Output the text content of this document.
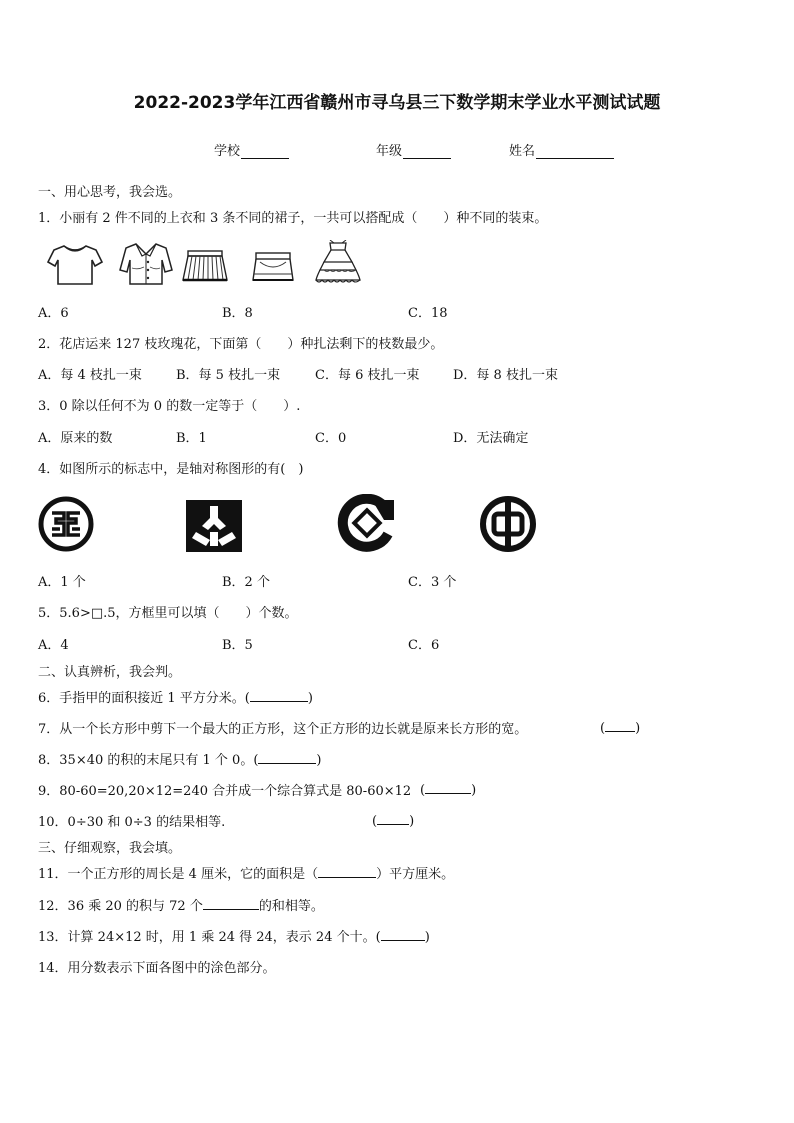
2022-2023学年江西省赣州市寻乌县三下数学期末学业水平测试试题
学校	年级	姓名
一、用心思考，我会选。
1．小丽有 2 件不同的上衣和 3 条不同的裙子，一共可以搭配成（　　）种不同的装束。
A．6	B．8	C．18
2．花店运来 127 枝玫瑰花，下面第（　　）种扎法剩下的枝数最少。
A．每 4 枝扎一束	B．每 5 枝扎一束	C．每 6 枝扎一束	D．每 8 枝扎一束
3．0 除以任何不为 0 的数一定等于（　　）.
A．原来的数	B．1	C．0	D．无法确定
4．如图所示的标志中，是轴对称图形的有(　)
A．1 个	B．2 个	C．3 个
5．5.6>□.5，方框里可以填（　　）个数。
A．4	B．5	C．6
二、认真辨析，我会判。
6．手指甲的面积接近 1 平方分米。(	)
7．从一个长方形中剪下一个最大的正方形，这个正方形的边长就是原来长方形的宽。	( )
8．35×40 的积的末尾只有 1 个 0。(	)
9．80-60=20,20×12=240 合并成一个综合算式是 80-60×12 (	)
10．0÷30 和 0÷3 的结果相等.	( )
三、仔细观察，我会填。
11．一个正方形的周长是 4 厘米，它的面积是（	）平方厘米。
12．36 乘 20 的积与 72 个	的和相等。
13．计算 24×12 时，用 1 乘 24 得 24，表示 24 个十。(	)
14．用分数表示下面各图中的涂色部分。
